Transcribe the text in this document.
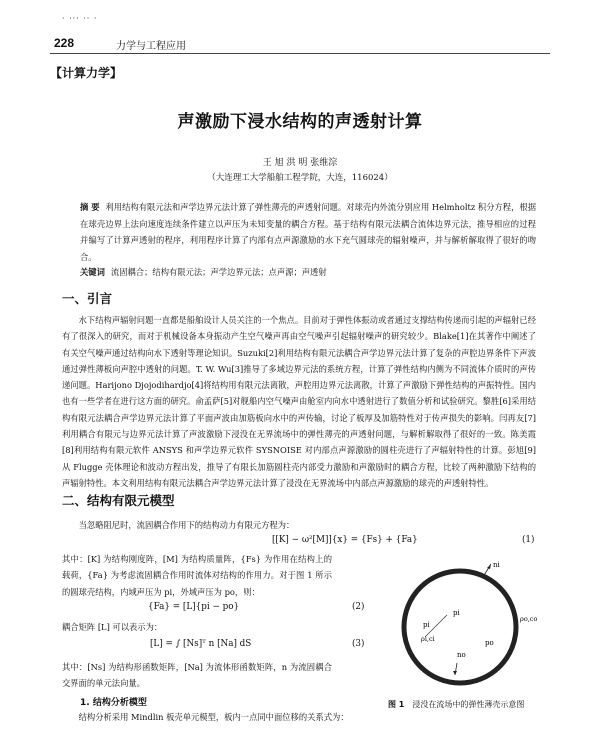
· ··· ·· ·
228	力学与工程应用
【计算力学】
声激励下浸水结构的声透射计算
王 旭 洪 明 张维淙
（大连理工大学船舶工程学院，大连，116024）
摘 要 利用结构有限元法和声学边界元法计算了弹性薄壳的声透射问题。对球壳内外流分别应用 Helmholtz 积分方程，根据在球壳边界上法向速度连续条件建立以声压为未知变量的耦合方程。基于结构有限元法耦合流体边界元法，推导相应的过程并编写了计算声透射的程序，利用程序计算了内部有点声源激励的水下充气圆球壳的辐射噪声，并与解析解取得了很好的吻合。
关键词 流固耦合；结构有限元法；声学边界元法；点声源；声透射
一、引言
水下结构声辐射问题一直都是船舶设计人员关注的一个焦点。目前对于弹性体振动或者通过支撑结构传递而引起的声辐射已经有了很深入的研究，而对于机械设备本身振动产生空气噪声再由空气噪声引起辐射噪声的研究较少。Blake[1]在其著作中阐述了有关空气噪声通过结构向水下透射等理论知识。Suzuki[2]利用结构有限元法耦合声学边界元法计算了复杂的声腔边界条件下声波通过弹性薄板向声腔中透射的问题。T. W. Wu[3]推导了多域边界元法的系统方程，计算了弹性结构内侧为不同流体介质时的声传递问题。Harijono Djojodihardjo[4]将结构用有限元法离散，声腔用边界元法离散，计算了声激励下弹性结构的声振特性。国内也有一些学者在进行这方面的研究。俞孟萨[5]对舰船内空气噪声由舱室内向水中透射进行了数值分析和试验研究。黎胜[6]采用结构有限元法耦合声学边界元法计算了平面声波由加筋板向水中的声传输，讨论了板厚及加筋特性对于传声损失的影响。闫再友[7]利用耦合有限元与边界元法计算了声波激励下浸没在无界流场中的弹性薄壳的声透射问题，与解析解取得了很好的一致。陈美霞[8]利用结构有限元软件 ANSYS 和声学边界元软件 SYSNOISE 对内部点声源激励的圆柱壳进行了声辐射特性的计算。彭旭[9]从 Flugge 壳体理论和波动方程出发，推导了有限长加筋圆柱壳内部受力激励和声激励时的耦合方程，比较了两种激励下结构的声辐射特性。本文利用结构有限元法耦合声学边界元法计算了浸没在无界流场中内部点声源激励的球壳的声透射特性。
二、结构有限元模型
当忽略阻尼时，流固耦合作用下的结构动力有限元方程为：
[[K] − ω²[M]]{x} = {Fs} + {Fa}	(1)
其中：[K] 为结构刚度阵，[M] 为结构质量阵，{Fs} 为作用在结构上的载荷，{Fa} 为考虑流固耦合作用时流体对结构的作用力。对于图 1 所示的圆球壳结构，内域声压为 pi，外域声压为 po，则：
{Fa} = [L]{pi − po}	(2)
耦合矩阵 [L] 可以表示为：
[L] = ∫ [Ns]ᵀ n [Na] dS	(3)
其中：[Ns] 为结构形函数矩阵，[Na] 为流体形函数矩阵，n 为流固耦合交界面的单元法向量。
1. 结构分析模型
结构分析采用 Mindlin 板壳单元模型，板内一点同中面位移的关系式为：
ni
pi
ρo,co
pi
ρi,ci
no
po
图 1 浸没在流场中的弹性薄壳示意图
